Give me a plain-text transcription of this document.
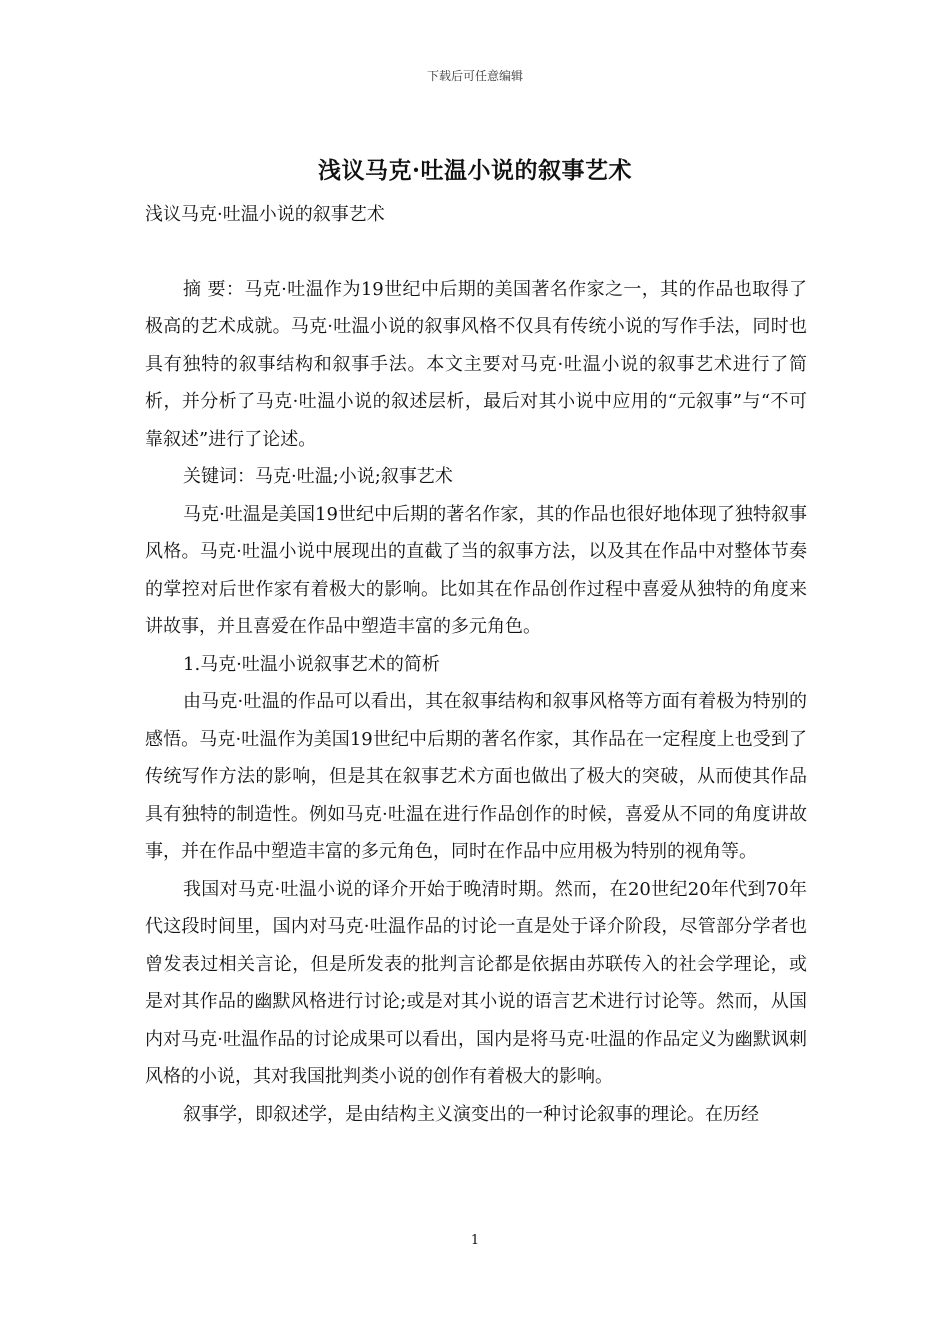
下载后可任意编辑
浅议马克·吐温小说的叙事艺术

浅议马克·吐温小说的叙事艺术

摘 要：马克·吐温作为19世纪中后期的美国著名作家之一，其的作品也取得了极高的艺术成就。马克·吐温小说的叙事风格不仅具有传统小说的写作手法，同时也具有独特的叙事结构和叙事手法。本文主要对马克·吐温小说的叙事艺术进行了简析，并分析了马克·吐温小说的叙述层析，最后对其小说中应用的“元叙事”与“不可靠叙述”进行了论述。

关键词：马克·吐温;小说;叙事艺术

马克·吐温是美国19世纪中后期的著名作家，其的作品也很好地体现了独特叙事风格。马克·吐温小说中展现出的直截了当的叙事方法，以及其在作品中对整体节奏的掌控对后世作家有着极大的影响。比如其在作品创作过程中喜爱从独特的角度来讲故事，并且喜爱在作品中塑造丰富的多元角色。

1.马克·吐温小说叙事艺术的简析

由马克·吐温的作品可以看出，其在叙事结构和叙事风格等方面有着极为特别的感悟。马克·吐温作为美国19世纪中后期的著名作家，其作品在一定程度上也受到了传统写作方法的影响，但是其在叙事艺术方面也做出了极大的突破，从而使其作品具有独特的制造性。例如马克·吐温在进行作品创作的时候，喜爱从不同的角度讲故事，并在作品中塑造丰富的多元角色，同时在作品中应用极为特别的视角等。

我国对马克·吐温小说的译介开始于晚清时期。然而，在20世纪20年代到70年代这段时间里，国内对马克·吐温作品的讨论一直是处于译介阶段，尽管部分学者也曾发表过相关言论，但是所发表的批判言论都是依据由苏联传入的社会学理论，或是对其作品的幽默风格进行讨论;或是对其小说的语言艺术进行讨论等。然而，从国内对马克·吐温作品的讨论成果可以看出，国内是将马克·吐温的作品定义为幽默讽刺风格的小说，其对我国批判类小说的创作有着极大的影响。

叙事学，即叙述学，是由结构主义演变出的一种讨论叙事的理论。在历经

1
